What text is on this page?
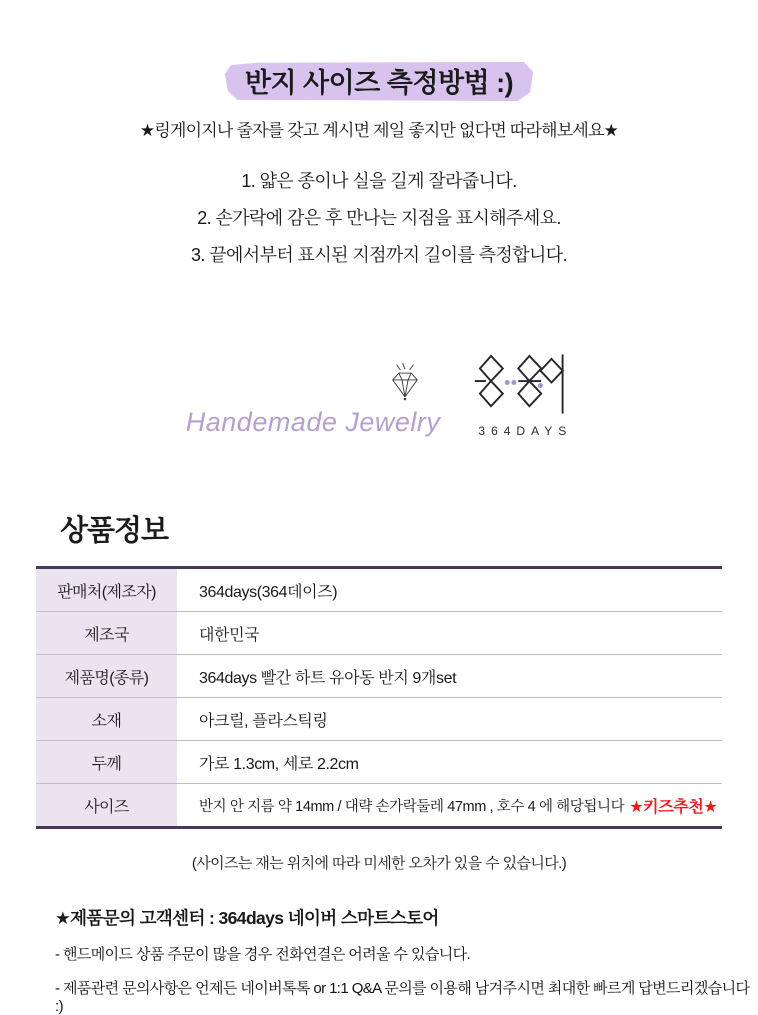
반지 사이즈 측정방법 :)
★링게이지나 줄자를 갖고 계시면 제일 좋지만 없다면 따라해보세요★
1. 얇은 종이나 실을 길게 잘라줍니다.
2. 손가락에 감은 후 만나는 지점을 표시해주세요.
3. 끝에서부터 표시된 지점까지 길이를 측정합니다.
Handemade Jewelry	364DAYS
상품정보
판매처(제조자)	364days(364데이즈)
제조국	대한민국
제품명(종류)	364days 빨간 하트 유아동 반지 9개set
소재	아크릴, 플라스틱링
두께	가로 1.3cm, 세로 2.2cm
사이즈	반지 안 지름 약 14mm / 대략 손가락둘레 47mm , 호수 4 에 해당됩니다 ★키즈추천★
(사이즈는 재는 위치에 따라 미세한 오차가 있을 수 있습니다.)
★제품문의 고객센터 : 364days 네이버 스마트스토어
- 핸드메이드 상품 주문이 많을 경우 전화연결은 어려울 수 있습니다.
- 제품관련 문의사항은 언제든 네이버톡톡 or 1:1 Q&A 문의를 이용해 남겨주시면 최대한 빠르게 답변드리겠습니다 :)
